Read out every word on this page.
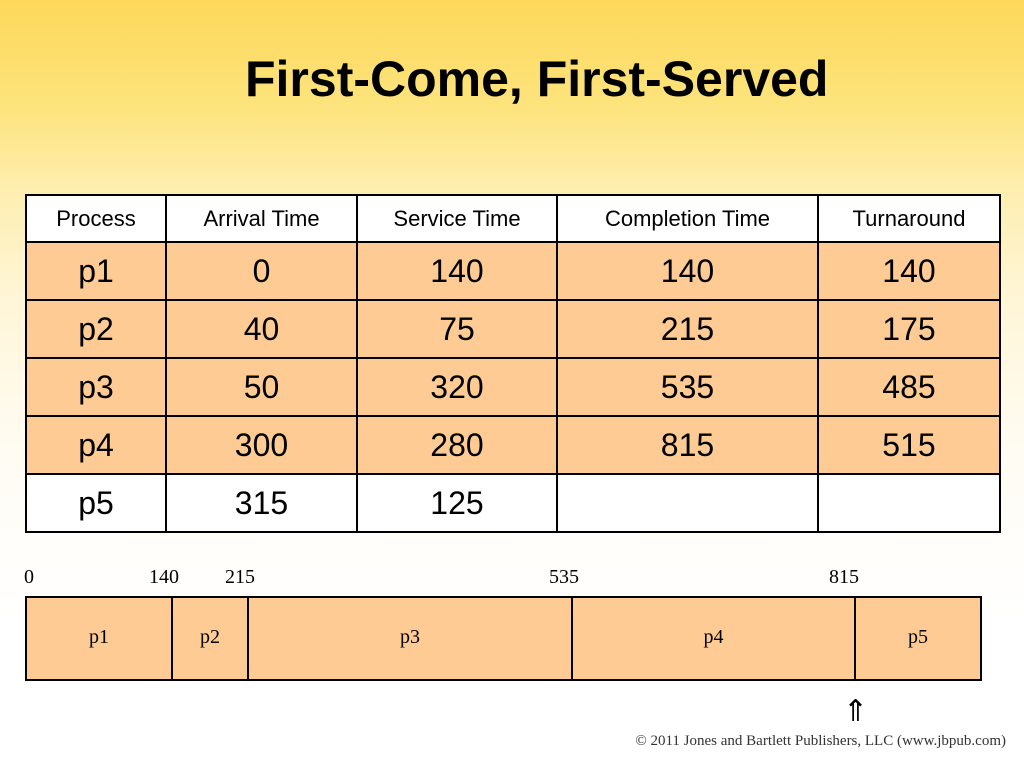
First-Come, First-Served
Process	Arrival Time	Service Time	Completion Time	Turnaround
p1	0	140	140	140
p2	40	75	215	175
p3	50	320	535	485
p4	300	280	815	515
p5	315	125		
0	140 215	535	815
p1	p2	p3	p4	p5
⇑
© 2011 Jones and Bartlett Publishers, LLC (www.jbpub.com)
